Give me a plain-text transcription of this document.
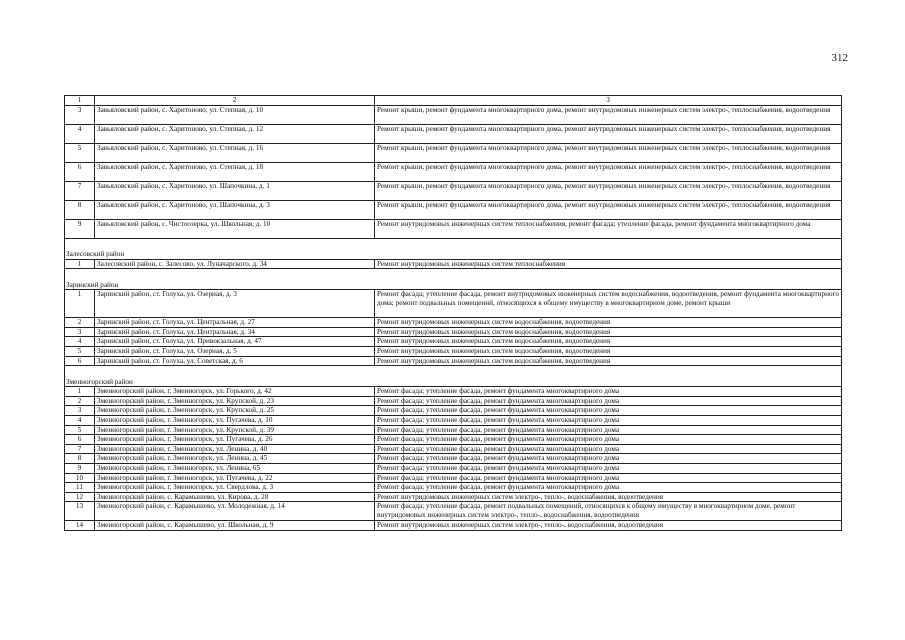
312
1	2	3
3	Завьяловский район, с. Харитоново, ул. Степная, д. 10	Ремонт крыши, ремонт фундамента многоквартирного дома, ремонт внутридомовых инженерных систем электро-, теплоснабжения, водоотведения
4	Завьяловский район, с. Харитоново, ул. Степная, д. 12	Ремонт крыши, ремонт фундамента многоквартирного дома, ремонт внутридомовых инженерных систем электро-, теплоснабжения, водоотведения
5	Завьяловский район, с. Харитоново, ул. Степная, д. 16	Ремонт крыши, ремонт фундамента многоквартирного дома, ремонт внутридомовых инженерных систем электро-, теплоснабжения, водоотведения
6	Завьяловский район, с. Харитоново, ул. Степная, д. 18	Ремонт крыши, ремонт фундамента многоквартирного дома, ремонт внутридомовых инженерных систем электро-, теплоснабжения, водоотведения
7	Завьяловский район, с. Харитоново, ул. Шапочкина, д. 1	Ремонт крыши, ремонт фундамента многоквартирного дома, ремонт внутридомовых инженерных систем электро-, теплоснабжения, водоотведения
8	Завьяловский район, с. Харитоново, ул. Шапочкина, д. 3	Ремонт крыши, ремонт фундамента многоквартирного дома, ремонт внутридомовых инженерных систем электро-, теплоснабжения, водоотведения
9	Завьяловский район, с. Чистоозерка, ул. Школьная, д. 10	Ремонт внутридомовых инженерных систем теплоснабжения, ремонт фасада; утепление фасада, ремонт фундамента многоквартирного дома
Залесовский район		
1	Залесовский район, с. Залесово, ул. Луначарского, д. 34	Ремонт внутридомовых инженерных систем теплоснабжения
Заринский район		
1	Заринский район, ст. Голуха, ул. Озерная, д. 3	Ремонт фасада; утепление фасада, ремонт внутридомовых инженерных систем водоснабжения, водоотведения, ремонт фундамента многоквартирного дома; ремонт подвальных помещений, относящихся к общему имуществу в многоквартирном доме, ремонт крыши
2	Заринский район, ст. Голуха, ул. Центральная, д. 27	Ремонт внутридомовых инженерных систем водоснабжения, водоотведения
3	Заринский район, ст. Голуха, ул. Центральная, д. 34	Ремонт внутридомовых инженерных систем водоснабжения, водоотведения
4	Заринский район, ст. Голуха, ул. Привокзальная, д. 47	Ремонт внутридомовых инженерных систем водоснабжения, водоотведения
5	Заринский район, ст. Голуха, ул. Озерная, д. 5	Ремонт внутридомовых инженерных систем водоснабжения, водоотведения
6	Заринский район, ст. Голуха, ул. Советская, д. 6	Ремонт внутридомовых инженерных систем водоснабжения, водоотведения
Змеиногорский район		
1	Змеиногорский район, г. Змеиногорск, ул. Горького, д. 42	Ремонт фасада; утепление фасада, ремонт фундамента многоквартирного дома
2	Змеиногорский район, г. Змеиногорск, ул. Крупской, д. 23	Ремонт фасада; утепление фасада, ремонт фундамента многоквартирного дома
3	Змеиногорский район, г. Змеиногорск, ул. Крупской, д. 25	Ремонт фасада; утепление фасада, ремонт фундамента многоквартирного дома
4	Змеиногорский район, г. Змеиногорск, ул. Пугачева, д. 10	Ремонт фасада; утепление фасада, ремонт фундамента многоквартирного дома
5	Змеиногорский район, г. Змеиногорск, ул. Крупской, д. 39	Ремонт фасада; утепление фасада, ремонт фундамента многоквартирного дома
6	Змеиногорский район, г. Змеиногорск, ул. Пугачева, д. 26	Ремонт фасада; утепление фасада, ремонт фундамента многоквартирного дома
7	Змеиногорский район, г. Змеиногорск, ул. Ленина, д. 40	Ремонт фасада; утепление фасада, ремонт фундамента многоквартирного дома
8	Змеиногорский район, г. Змеиногорск, ул. Ленина, д. 45	Ремонт фасада; утепление фасада, ремонт фундамента многоквартирного дома
9	Змеиногорский район, г. Змеиногорск, ул. Ленина, 65	Ремонт фасада; утепление фасада, ремонт фундамента многоквартирного дома
10	Змеиногорский район, г. Змеиногорск, ул. Пугачева, д. 22	Ремонт фасада; утепление фасада, ремонт фундамента многоквартирного дома
11	Змеиногорский район, г. Змеиногорск, ул. Свердлова, д. 3	Ремонт фасада; утепление фасада, ремонт фундамента многоквартирного дома
12	Змеиногорский район, с. Карамышево, ул. Кирова, д. 28	Ремонт внутридомовых инженерных систем электро-, тепло-, водоснабжения, водоотведения
13	Змеиногорский район, с. Карамышево, ул. Молодежная, д. 14	Ремонт фасада; утепление фасада, ремонт подвальных помещений, относящихся к общему имуществу в многоквартирном доме, ремонт внутридомовых инженерных систем электро-, тепло-, водоснабжения, водоотведения
14	Змеиногорский район, с. Карамышево, ул. Школьная, д. 9	Ремонт внутридомовых инженерных систем электро-, тепло-, водоснабжения, водоотведения
